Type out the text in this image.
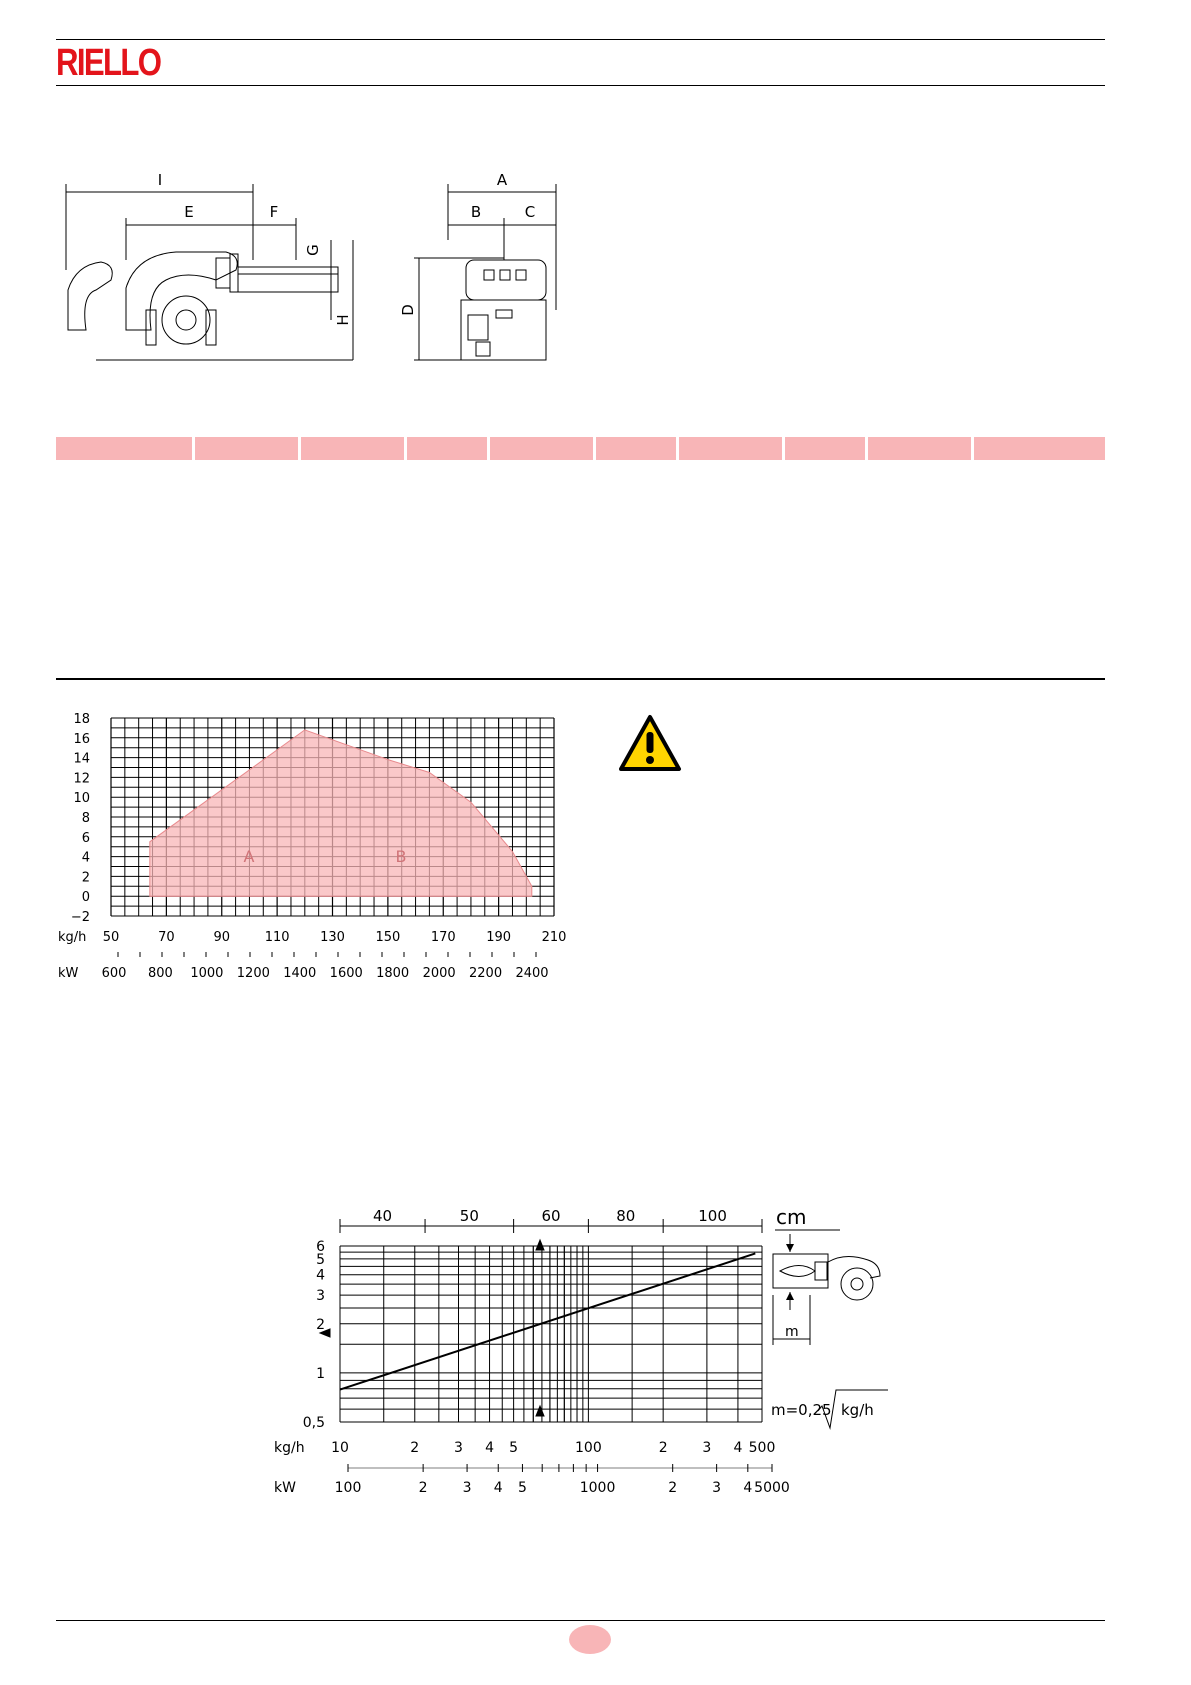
RIELLO
I
E	F
G
H
A
B	C
D
A	B
18
16
14
12
10
8
6
4
2
0
−2
kg/h 50	70	90	110 130 150 170 190 210
kW 600 800 1000 1200 1400 1600 1800 2000 2200 2400
40	50	60	80	100 cm
6
5
4
3
2
1
0,5
kg/h 10	2 3 4 5	100	2 3 4 500
kW	100	2	3 4 5	1000	2	3 4 5000
m
m=0,25 kg/h
